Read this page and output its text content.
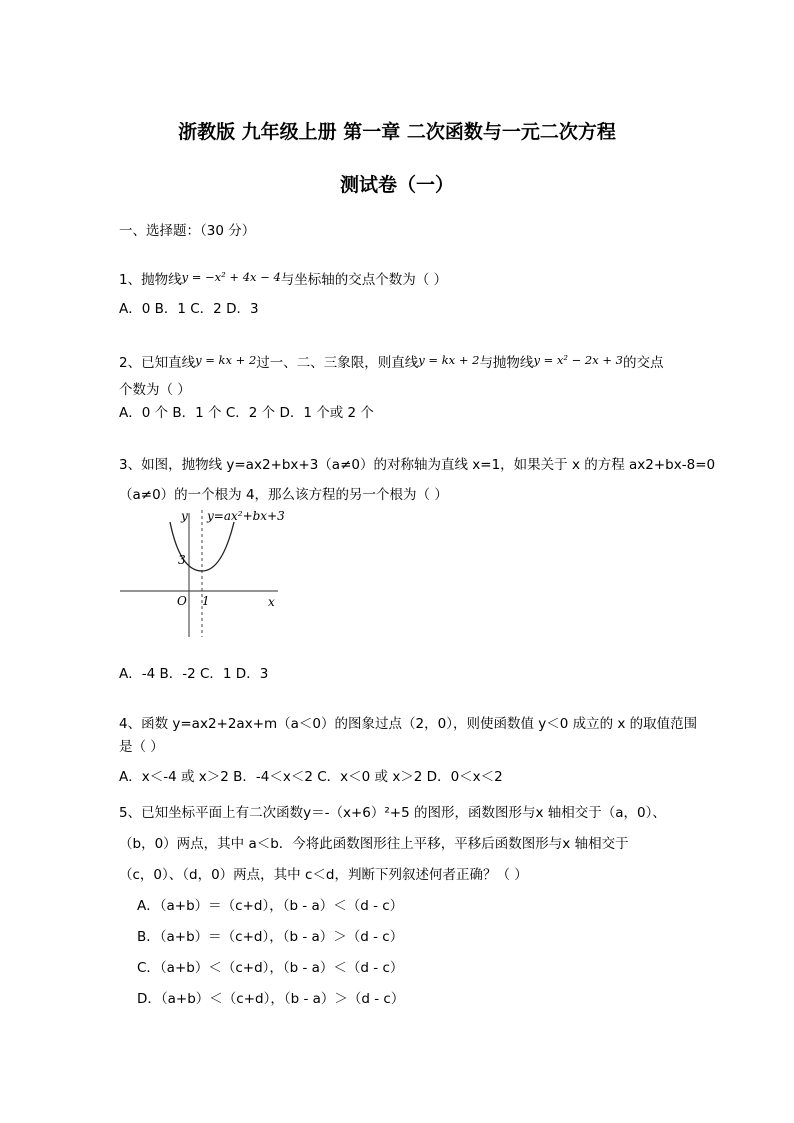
浙教版 九年级上册 第一章 二次函数与一元二次方程
测试卷（一）
一、选择题：（30 分）
1、抛物线y = −x² + 4x − 4与坐标轴的交点个数为（ ）
A．0 B．1 C．2 D．3
2、已知直线y = kx + 2过一、二、三象限，则直线y = kx + 2与抛物线y = x² − 2x + 3的交点
个数为（ ）
A．0 个 B．1 个 C．2 个 D．1 个或 2 个
3、如图，抛物线 y=ax2+bx+3（a≠0）的对称轴为直线 x=1，如果关于 x 的方程 ax2+bx-8=0
（a≠0）的一个根为 4，那么该方程的另一个根为（ ）
y y=ax²+bx+3
3
O 1	x
A．-4 B．-2 C．1 D．3
4、函数 y=ax2+2ax+m（a＜0）的图象过点（2，0），则使函数值 y＜0 成立的 x 的取值范围
是（ ）
A．x＜-4 或 x＞2 B．-4＜x＜2 C．x＜0 或 x＞2 D．0＜x＜2
5、已知坐标平面上有二次函数y＝-（x+6）²+5 的图形，函数图形与x 轴相交于（a，0）、
（b，0）两点，其中 a＜b．今将此函数图形往上平移，平移后函数图形与x 轴相交于
（c，0）、（d，0）两点，其中 c＜d，判断下列叙述何者正确？（ ）
A．（a+b）＝（c+d），（b - a）＜（d - c）
B．（a+b）＝（c+d），（b - a）＞（d - c）
C．（a+b）＜（c+d），（b - a）＜（d - c）
D．（a+b）＜（c+d），（b - a）＞（d - c）
